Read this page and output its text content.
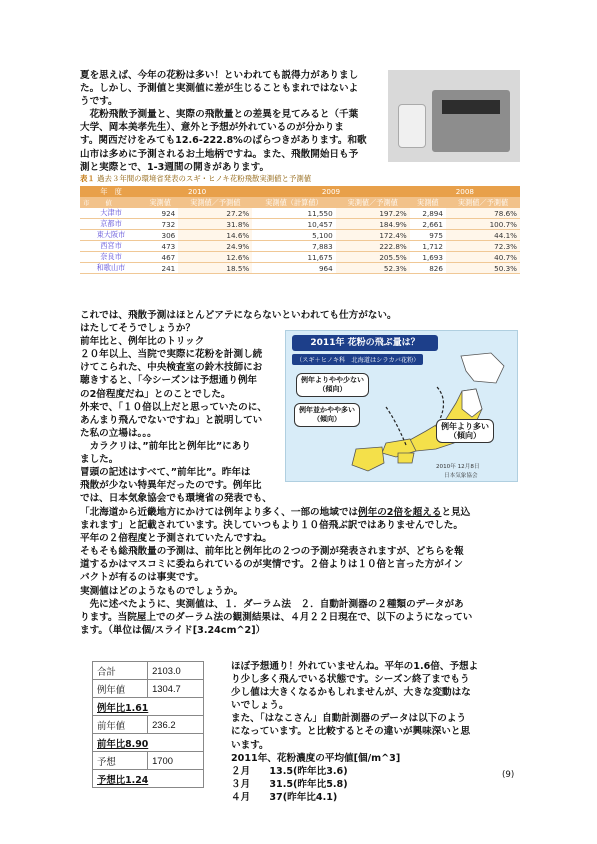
夏を思えば、今年の花粉は多い！といわれても説得力がありまし
た。しかし、予測値と実測値に差が生じることもまれではないよ
うです。
　花粉飛散予測量と、実際の飛散量との差異を見てみると（千葉
大学、岡本美孝先生）、意外と予想が外れているのが分かりま
す。関西だけをみても12.6-222.8%のばらつきがあります。和歌
山市は多めに予測されるお土地柄ですね。また、飛散開始日も予
測と実際とで、1-3週間の開きがあります。
表１ 過去３年間の環境省発表のスギ・ヒノキ花粉飛散実測値と予測値
年　度	2010		2009		2008	
市 値	実測値	実測値／予測値	実測値（計算値）	実測値／予測値	実測値	実測値／予測値
大津市	924	27.2%	11,550	197.2%	2,894	78.6%
京都市	732	31.8%	10,457	184.9%	2,661	100.7%
東大阪市	306	14.6%	5,100	172.4%	975	44.1%
西宮市	473	24.9%	7,883	222.8%	1,712	72.3%
奈良市	467	12.6%	11,675	205.5%	1,693	40.7%
和歌山市	241	18.5%	964	52.3%	826	50.3%
これでは、飛散予測はほとんどアテにならないといわれても仕方がない。
はたしてそうでしょうか？
前年比と、例年比のトリック
２０年以上、当院で実際に花粉を計測し続
けてこられた、中央検査室の鈴木技師にお
聴きすると、「今シーズンは予想通り例年
の2倍程度だね」とのことでした。
外来で、「１０倍以上だと思っていたのに、
あんまり飛んでないですね」と説明してい
た私の立場は。。。
　カラクリは、”前年比と例年比”にあり
ました。
冒頭の記述はすべて、”前年比”。昨年は
飛散が少ない特異年だったのです。例年比
では、日本気象協会でも環境省の発表でも、
2011年 花粉の飛ぶ量は？
（スギ＋ヒノキ科　北海道はシラカバ花粉）
例年よりやや少ない
（傾向）
例年並かやや多い
（傾向）
例年より多い
（傾向）
2010年 12月8日
日本気象協会
「北海道から近畿地方にかけては例年より多く、一部の地域では例年の2倍を超えると見込
まれます」と記載されています。決していつもより１０倍飛ぶ訳ではありませんでした。
平年の２倍程度と予測されていたんですね。
そもそも総飛散量の予測は、前年比と例年比の２つの予測が発表されますが、どちらを報
道するかはマスコミに委ねられているのが実情です。２倍よりは１０倍と言った方がイン
パクトが有るのは事実です。
実測値はどのようなものでしょうか。
　先に述べたように、実測値は、１．ダーラム法　２．自動計測器の２種類のデータがあ
ります。当院屋上でのダーラム法の観測結果は、４月２２日現在で、以下のようになってい
ます。（単位は個/スライド[3.24cm^2]）
合計	2103.0
例年値	1304.7
例年比1.61	
前年値	236.2
前年比8.90	
予想	1700
予想比1.24	
ほぼ予想通り！外れていませんね。平年の1.6倍、予想よ
り少し多く飛んでいる状態です。シーズン終了までもう
少し値は大きくなるかもしれませんが、大きな変動はな
いでしょう。
また、「はなこさん」自動計測器のデータは以下のよう
になっています。と比較するとその違いが興味深いと思
います。
2011年、花粉濃度の平均値[個/m^3]
２月　　13.5(昨年比3.6)
３月　　31.5(昨年比5.8)
４月　　37(昨年比4.1)
(9)
